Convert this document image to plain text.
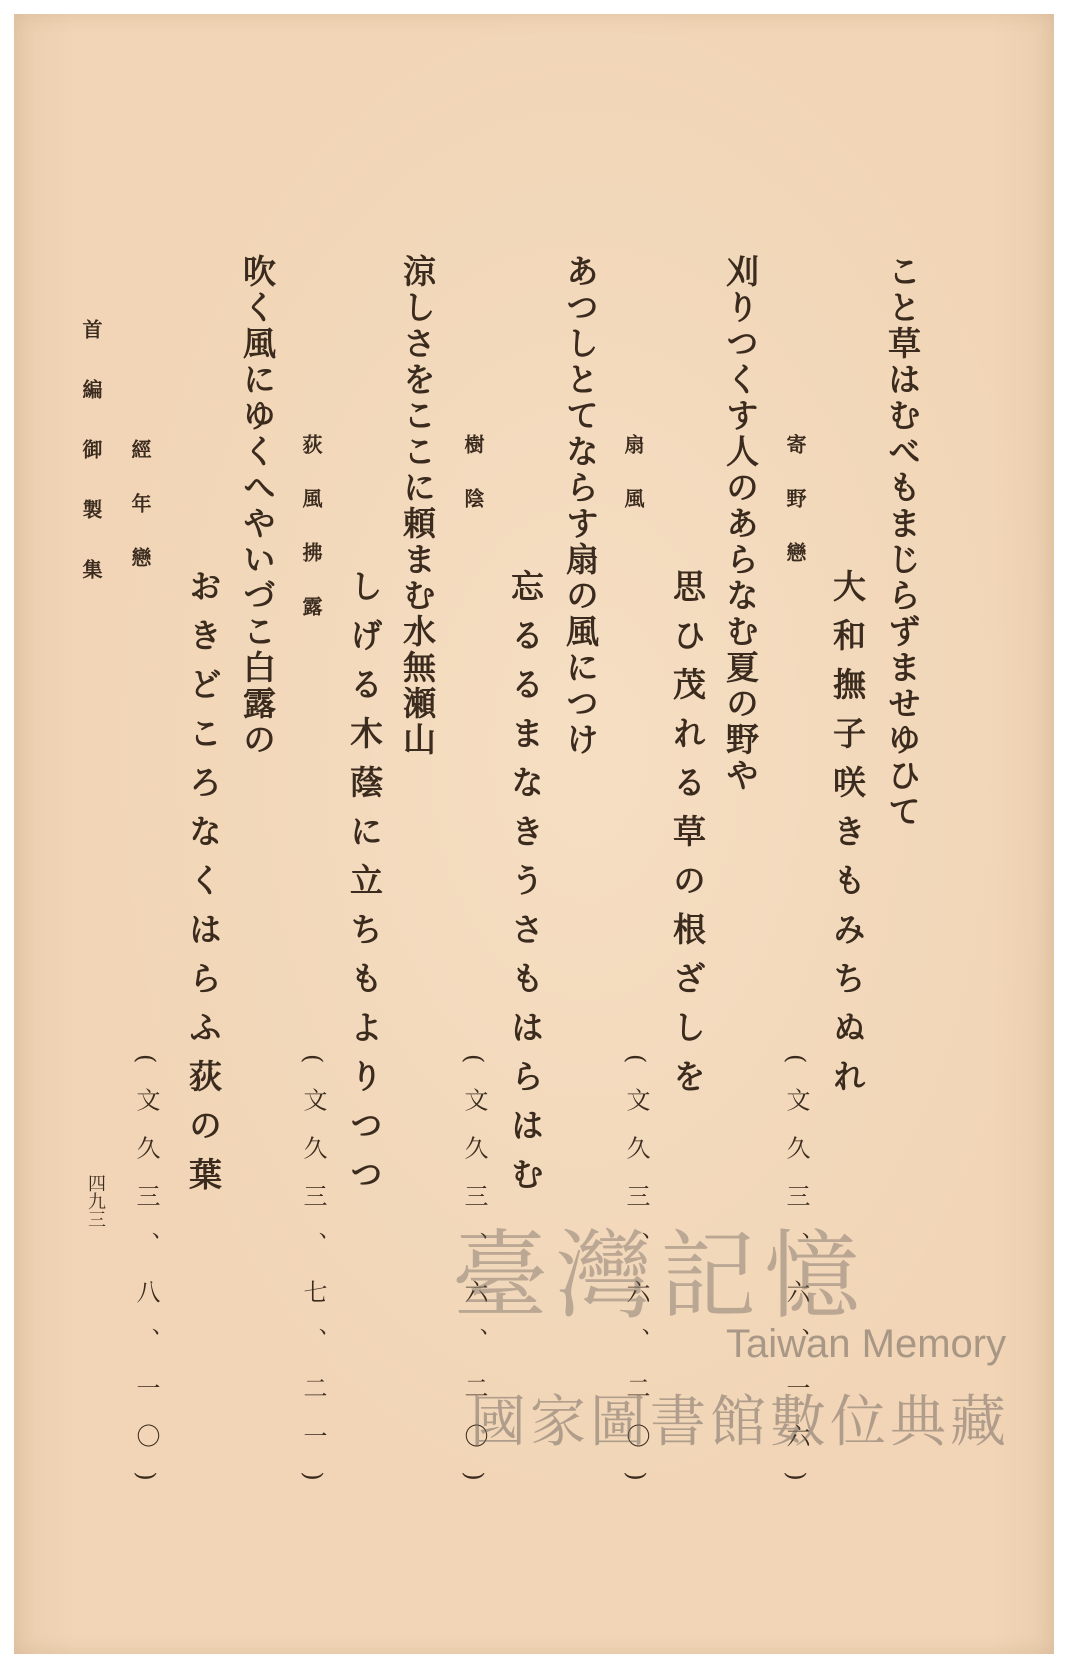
こと草はむべもまじらずませゆひて
大和撫子咲きもみちぬれ
(文久三、六、一六)
寄野戀
刈りつくす人のあらなむ夏の野や
思ひ茂れる草の根ざしを
(文久三、六、二〇)
扇風
あつしとてならす扇の風につけ
忘るるまなきうさもはらはむ
(文久三、六、二〇)
樹陰
涼しさをここに頼まむ水無瀬山
しげる木蔭に立ちもよりつつ
(文久三、七、二一)
荻風拂露
吹く風にゆくへやいづこ白露の
おきどころなくはらふ荻の葉
(文久三、八、一〇)
經年戀
首編御製集
四九三
臺灣記憶
Taiwan Memory
國家圖書館數位典藏
